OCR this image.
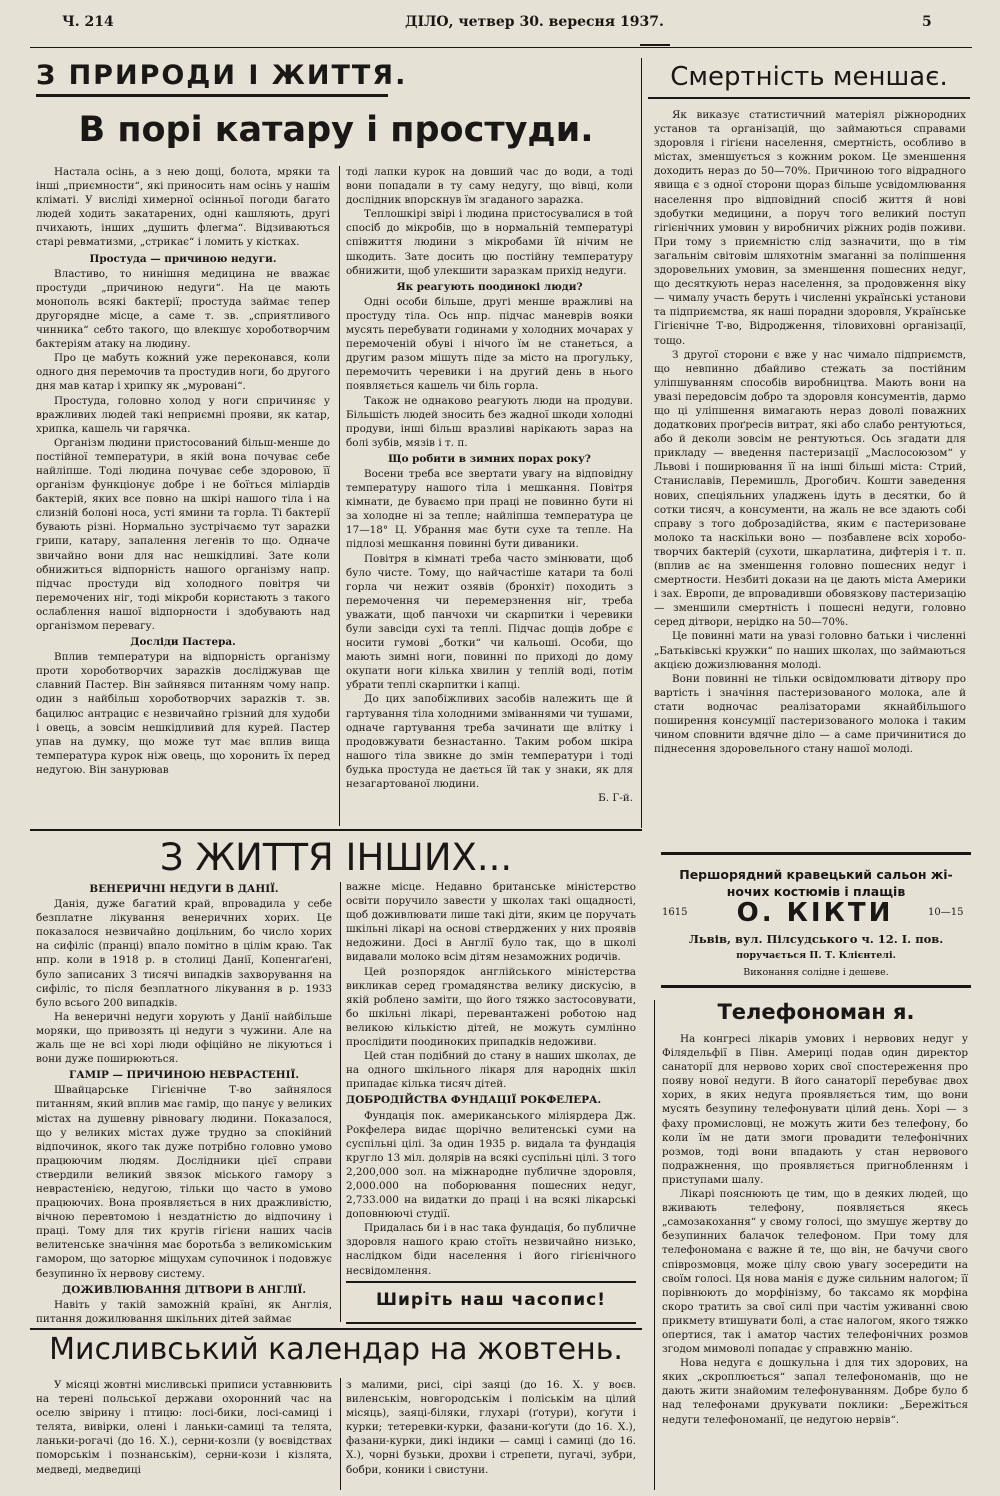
Ч. 214	ДІЛО, четвер 30. вересня 1937.	5
З ПРИРОДИ І ЖИТТЯ.
В порі катару і простуди.

Настала осінь, а з нею дощі, болота, мряки та інші „приємности“, які приносить нам осінь у нашім кліматі. У висліді химерної осінньої погоди багато людей ходить закатарених, одні кашляють, другі пчихають, інших „душить флегма“. Відзиваються старі ревматизми, „стрикає“ і ломить у кістках.

Простуда — причиною недуги.

Властиво, то нинішня медицина не вважає простуди „причиною недуги“. На це мають монополь всякі бактерії; простуда займає тепер другорядне місце, а саме т. зв. „сприятливого чинника“ себто такого, що влекшує хороботворчим бактеріям атаку на людину.

Про це мабуть кожний уже переконався, коли одного дня перемочив та простудив ноги, бо другого дня мав катар і хрипку як „муровані“.

Простуда, головно холод у ноги спричиняє у вражливих людей такі неприємні прояви, як катар, хрипка, кашель чи гарячка.

Організм людини пристосований більш-менше до постійної температури, в якій вона почуває себе найліпше. Тоді людина почуває себе здоровою, її організм функціонує добре і не боїться міліардів бактерій, яких все повно на шкірі нашого тіла і на слизній болоні носа, усті ямини та горла. Ті бактерії бувають різні. Нормально зустрічаємо тут зарazки грипи, катару, запалення легенів то що. Одначе звичайно вони для нас нешкідливі. Зате коли обнижиться відпорність нашого організму напр. підчас простуди від холодного повітря чи перемочених ніг, тоді мікроби користають з такого ослаблення нашої відпорности і здобувають над організмом перевагу.

Досліди Пастера.

Вплив температури на відпорність організму проти хороботворчих зарazків досліджував ще славний Пастер. Він зайнявся питанням чому напр. один з найбільш хороботворчих зарazків т. зв. бацилюс антрацис є незвичайно грізний для худоби і овець, а зовсім нешкідливий для курей. Пастер упав на думку, що може тут має вплив вища температура курок ніж овець, що хоронить їх перед недугою. Він занурював

тоді лапки курок на довший час до води, а тоді вони попадали в ту саму недугу, що вівці, коли дослідник впорскнув їм згаданого зарazка.

Теплошкірі звірі і людина пристосувалися в той спосіб до мікробів, що в нормальній температурі співжиття людини з мікробами їй нічим не шкодить. Зате досить цю постійну температуру обнижити, щоб улекшити заразкам прихід недуги.

Як реагують поодинокі люди?

Одні особи більше, другі менше вражливі на простуду тіла. Ось нпр. підчас маневрів вояки мусять перебувати годинами у холодних мочарах у перемоченій обуві і нічого їм не станеться, а другим разом мішуть піде за місто на прогульку, перемочить черевики і на другий день в нього появляється кашель чи біль горла.

Також не однаково реагують люди на продуви. Більшість людей зносить без жадної шкоди холодні продуви, інші більш вразливі нарікають зараз на болі зубів, мязів і т. п.

Що робити в зимних порах року?

Восени треба все звертати увагу на відповідну температуру нашого тіла і мешкання. Повітря кімнати, де буваємо при праці не повинно бути ні за холодне ні за тепле; найліпша температура це 17—18° Ц. Убрання має бути сухе та тепле. На підлозі мешкання повинні бути диваники.

Повітря в кімнаті треба часто змінювати, щоб було чисте. Тому, що найчастіше катари та болі горла чи нежит озявів (бронхіт) походить з перемочення чи перемерзнення ніг, треба уважати, щоб панчохи чи скарпитки і черевики були завсіди сухі та теплі. Підчас дощів добре є носити гумові „ботки“ чи кальоші. Особи, що мають зимні ноги, повинні по приході до дому окупати ноги кілька хвилин у теплій воді, потім убрати теплі скарпитки і капці.

До цих запобіжливих засобів належить ще й гартування тіла холодними зміваннями чи тушами, одначе гартування треба зачинати ще влітку і продовжувати безнастанно. Таким робом шкіра нашого тіла звикне до змін температури і тоді будька простуда не дається їй так у знаки, як для незагартованої людини.

Б. Г-й.

Смертність меншає.

Як виказує статистичний матеріял ріжнородних установ та організацій, що займаються справами здоровля і гігієни населення, смертність, особливо в містах, зменшується з кожним роком. Це зменшення доходить нераз до 50—70%. Причиною того відрадного явища є з одної сторони щораз більше усвідомлювання населення про відповідний спосіб життя й нові здобутки медицини, а поруч того великий поступ гігієнічних умовин у виробничих ріжних родів поживи. При тому з приємністю слід зазначити, що в тім загальнім світовім шляхотнім змаганні за поліпшення здоровельних умовин, за зменшення пошесних недуг, що десяткують нераз населення, за продовження віку — чималу участь беруть і численні українські установи та підприємства, як наші порадни здоровля, Українське Гігієнічне Т-во, Відродження, тіловиховні організації, тощо.

З другої сторони є вже у нас чимало підприємств, що невпинно дбайливо стежать за постійним уліпшуванням способів виробництва. Мають вони на увазі передовсім добро та здоровля консументів, дармо що ці уліпшення вимагають нераз доволі поважних додаткових проґресів витрат, які або слабо рентуються, або й деколи зовсім не рентуються. Ось згадати для прикладу — введення пастеризації „Маслосоюзом“ у Львові і поширювання її на інші більші міста: Стрий, Станиславів, Перемишль, Дрогобич. Кошти заведення нових, спеціяльних уладжень ідуть в десятки, бо й сотки тисяч, а консументи, на жаль не все здають собі справу з того доброзадійства, яким є пастеризоване молоко та наскільки воно — позбавлене всіх хороботворчих бактерій (сухоти, шкарлатина, дифтерія і т. п. (вплив ає на зменшення головно пошесних недуг і смертности. Незбиті докази на це дають міста Америки і зах. Европи, де впровадивши обовязкову пастеризацію — зменшили смертність і пошесні недуги, головно серед дітвори, нерідко на 50—70%.

Це повинні мати на увазі головно батьки і численні „Батьківські кружки“ по наших школах, що займаються акцією дожизлювання молоді.

Вони повинні не тільки освідомлювати дітвору про вартість і значіння пастеризованого молока, але й стати водночас реалізаторами якнайбільшого поширення консумції пастеризованого молока і таким чином сповнити вдячне діло — а саме причинитися до піднесення здоровельного стану нашої молоді.

Першорядний кравецький сальон жіночих костюмів і плащів
1615	О. КІКТИ	10—15
Львів, вул. Пілсудського ч. 12. І. пов.
поручається П. Т. Клієнтелі.
Виконання солідне і дешеве.
З ЖИТТЯ ІНШИХ...

ВЕНЕРИЧНІ НЕДУГИ В ДАНІЇ.

Данія, дуже багатий край, впровадила у себе безплатне лікування венеричних хорих. Це показалося незвичайно доцільним, бо число хорих на сифіліс (пранці) впало помітно в цілім краю. Так нпр. коли в 1918 р. в столиці Данії, Копенгаґені, було записаних 3 тисячі випадків захворування на сифіліс, то після безплатного лікування в р. 1933 було всього 200 випадків.

На венеричні недуги хорують у Данії найбільше моряки, що привозять ці недуги з чужини. Але на жаль ще не всі хорі люди офіційно не лікуються і вони дуже поширюються.

ГАМІР — ПРИЧИНОЮ НЕВРАСТЕНІЇ.

Швайцарське Гігієнічне Т-во зайнялося питанням, який вплив має гамір, що панує у великих містах на душевну рівновагу людини. Показалося, що у великих містах дуже трудно за спокійний відпочинок, якого так дуже потрібно головно умово працюючим людям. Дослідники цієї справи ствердили великий звязок міського гамору з неврастенією, недугою, тільки що часто в умово працюючих. Вона проявляється в них дражливістю, вічною перевтомою і нездатністю до відпочину і праці. Тому для тих кругів гігієни наших часів велитенське значіння має боротьба з великоміським гамором, що заторює міщухам супочинок і подовжує безупинно їх нервову систему.

ДОЖИВЛЮВАННЯ ДІТВОРИ В АНГЛІЇ.

Навіть у такій заможній країні, як Англія, питання дожилювання шкільних дітей займає

важне місце. Недавно британське міністерство освіти поручило завести у школах такі ощадності, щоб доживлювати лише такі діти, яким це поручать шкільні лікарі на основі стверджених у них проявів недожини. Досі в Англії було так, що в школі видавали молоко всім дітям незаможних родичів.

Цей розпорядок англійського міністерства викликав серед громадянства велику дискусію, в якій роблено заміти, що його тяжко застосовувати, бо шкільні лікарі, перевантажені роботою над великою кількістю дітей, не можуть сумлінно прослідити поодиноких припадків недоживи.

Цей стан подібний до стану в наших школах, де на одного шкільного лікаря для народніх шкіл припадає кілька тисяч дітей.

ДОБРОДІЙСТВА ФУНДАЦІЇ РОКФЕЛЕРА.

Фундація пок. американського міліярдера Дж. Рокфелера видає щорічно велитенські суми на суспільні цілі. За один 1935 р. видала та фундація кругло 13 міл. долярів на всякі суспільні цілі. З того 2,200,000 зол. на міжнародне публичне здоровля, 2,000.000 на поборювання пошесних недуг, 2,733.000 на видатки до праці і на всякі лікарські доповнюючі студії.

Придалась би і в нас така фундація, бо публичне здоровля нашого краю стоїть незвичайно низько, наслідком біди населення і його гігієнічного несвідомлення.

Ширіть наш часопис!
Телефономан я.

На конгресі лікарів умових і нервових недуг у Філядельфії в Півн. Америці подав один директор санаторії для нервово хорих свої спостереження про появу нової недуги. В його санаторії перебуває двох хорих, в яких недуга проявляється тим, що вони мусять безупину телефонувати цілий день. Хорі — з фаху промисловці, не можуть жити без телефону, бо коли їм не дати змоги провадити телефонічних розмов, тоді вони впадають у стан нервового подражнення, що проявляється пригнобленням і приступами шалу.

Лікарі пояснюють це тим, що в деяких людей, що вживають телефону, появляється якесь „самозакохання“ у свому голосі, що змушує жертву до безупинних балачок телефоном. При тому для телефономана є важне й те, що він, не бачучи свого співрозмовця, може цілу свою увагу зосередити на своїм голосі. Ця нова манія є дуже сильним налогом; її порівнюють до морфінізму, бо таксамо як морфіна скоро тратить за свої силі при частім уживанні свою прикмету втишувати болі, а стає налогом, якого тяжко опертися, так і аматор частих телефонічних розмов згодом мимоволі попадає у справжню манію.

Нова недуга є дошкульна і для тих здорових, на яких „скроплюється“ запал телефономанів, що не дають жити знайомим телефонуванням. Добре було б над телефонами друкувати поклики: „Бережіться недуги телефономанії, це недугою нервів“.

Мисливський календар на жовтень.

У місяці жовтні мисливські приписи уставнювить на терені польської держави охоронний час на оселю звірину і птицю: лосі-бики, лосі-самиці і телята, вивірки, олені і ланьки-самиці та телята, ланьки-рогачі (до 16. X.), серни-козли (у воєвідствах поморськім і познанськім), серни-кози і кізлята, медведі, медведиці

з малими, рисі, сірі заяці (до 16. X. у воєв. виленськім, новгородськім і поліськім на цілий місяць), заяці-біляки, глухарі (ґотури), коґути і курки; тетеревки-курки, фазани-коґути (до 16. X.), фазани-курки, дикі індики — самці і самиці (до 16. X.), чорні бузьки, дрохви і стрепети, пугачі, зубри, бобри, коники і свистуни.
